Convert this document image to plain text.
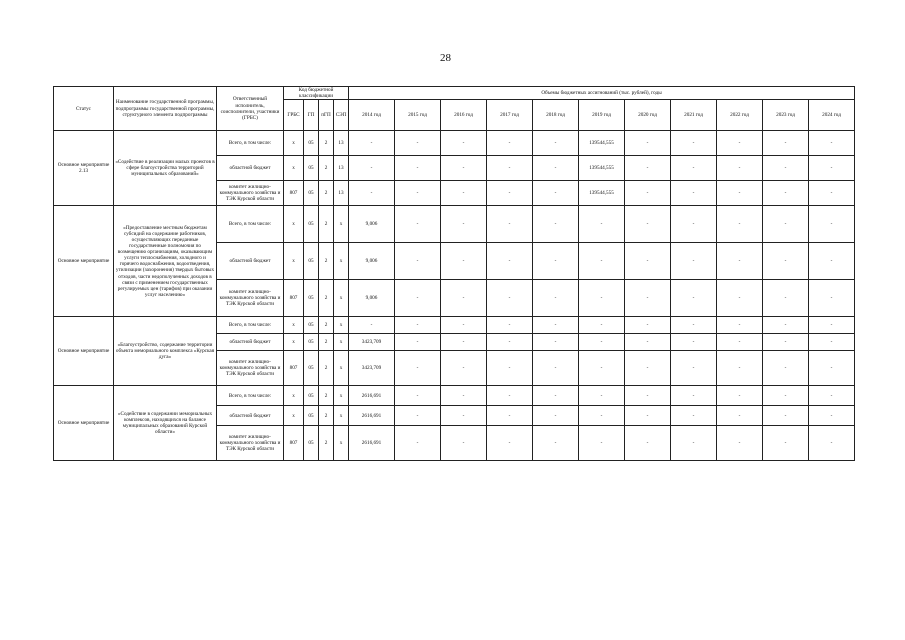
28
Статус	Наименование государственной программы, подпрограммы государственной программы, структурного элемента подпрограммы	Ответственный исполнитель, соисполнители, участники (ГРБС)	Код бюджетной классификации				Объемы бюджетных ассигнований (тыс. рублей), годы										
			ГРБС	ГП	пГП	СЭП	2014 год	2015 год	2016 год	2017 год	2018 год	2019 год	2020 год	2021 год	2022 год	2023 год	2024 год
Основное мероприятие 2.13	«Содействие в реализации малых проектов в сфере благоустройства территорий муниципальных образований»	Всего, в том числе:	х	05	2	13	-	-	-	-	-	139544,555	-	-	-	-	-
		областной бюджет	х	05	2	13	-	-	-	-	-	139544,555	-	-	-	-	-
		комитет жилищно-коммунального хозяйства и ТЭК Курской области	807	05	2	13	-	-	-	-	-	139544,555	-	-	-	-	-
Основное мероприятие	«Предоставление местным бюджетам субсидий на содержание работников, осуществляющих переданные государственные полномочия по возмещению организациям, оказывающим услуги теплоснабжения, холодного и горячего водоснабжения, водоотведения, утилизации (захоронения) твердых бытовых отходов, части недополученных доходов в связи с применением государственных регулируемых цен (тарифов) при оказании услуг населению»	Всего, в том числе:	х	05	2	х	9,006	-	-	-	-	-	-	-	-	-	-
		областной бюджет	х	05	2	х	9,006	-	-	-	-	-	-	-	-	-	-
		комитет жилищно-коммунального хозяйства и ТЭК Курской области	807	05	2	х	9,006	-	-	-	-	-	-	-	-	-	-
Основное мероприятие	«Благоустройство, содержание территории объекта мемориального комплекса «Курская дуга»	Всего, в том числе:	х	05	2	х	-	-	-	-	-	-	-	-	-	-	-
		областной бюджет	х	05	2	х	3423,709	-	-	-	-	-	-	-	-	-	-
		комитет жилищно-коммунального хозяйства и ТЭК Курской области	807	05	2	х	3423,709	-	-	-	-	-	-	-	-	-	-
Основное мероприятие	«Содействие в содержании мемориальных комплексов, находящихся на балансе муниципальных образований Курской области»	Всего, в том числе:	х	05	2	х	2616,691	-	-	-	-	-	-	-	-	-	-
		областной бюджет	х	05	2	х	2616,691	-	-	-	-	-	-	-	-	-	-
		комитет жилищно-коммунального хозяйства и ТЭК Курской области	807	05	2	х	2616,691	-	-	-	-	-	-	-	-	-	-
